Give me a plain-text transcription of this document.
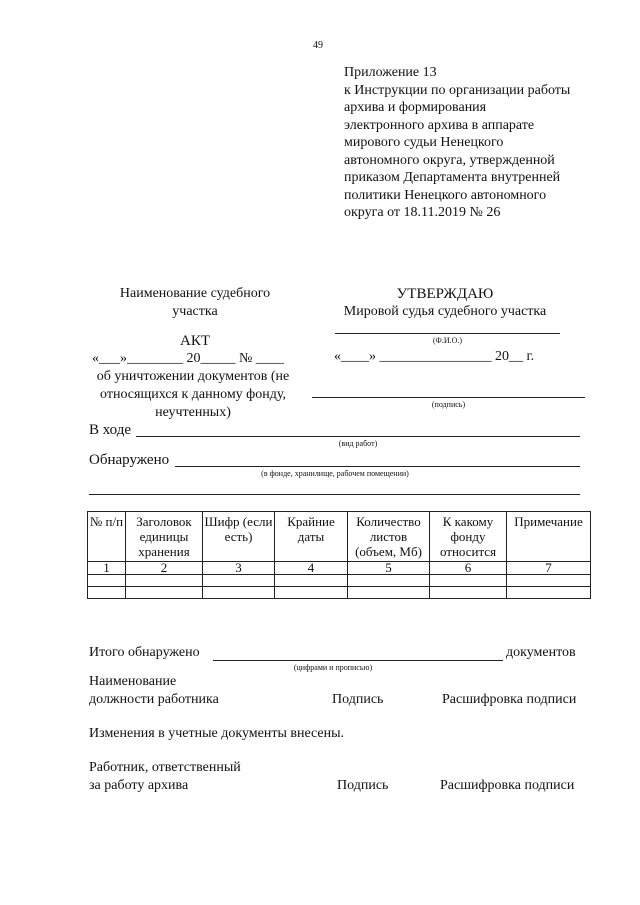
49
Приложение 13
к Инструкции по организации работы
архива и формирования
электронного архива в аппарате
мирового судьи Ненецкого
автономного округа, утвержденной
приказом Департамента внутренней
политики Ненецкого автономного
округа от 18.11.2019 № 26
Наименование судебного
участка
УТВЕРЖДАЮ
Мировой судья судебного участка
(Ф.И.О.)
«____» ________________ 20__ г.
(подпись)
АКТ
«___»________ 20_____ № ____
об уничтожении документов (не
относящихся к данному фонду,
неучтенных)
В ходе
(вид работ)
Обнаружено
(в фонде, хранилище, рабочем помещении)
№ п/п	Заголовок единицы хранения	Шифр (если есть)	Крайние даты	Количество листов (объем, Мб)	К какому фонду относится	Примечание
1	2	3	4	5	6	7

Итого обнаружено	документов
(цифрами и прописью)
Наименование
должности работника	Подпись	Расшифровка подписи
Изменения в учетные документы внесены.
Работник, ответственный
за работу архива	Подпись	Расшифровка подписи
